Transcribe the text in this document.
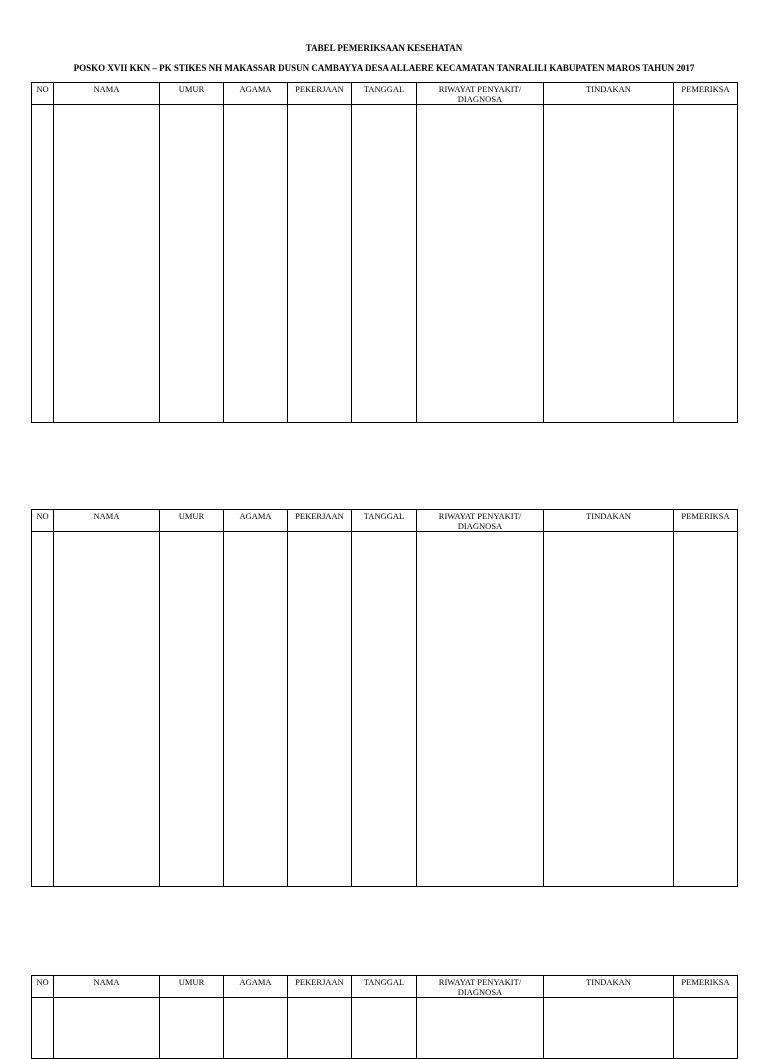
TABEL PEMERIKSAAN KESEHATAN
POSKO XVII KKN – PK STIKES NH MAKASSAR DUSUN CAMBAYYA DESA ALLAERE KECAMATAN TANRALILI KABUPATEN MAROS TAHUN 2017
NO	NAMA	UMUR	AGAMA	PEKERJAAN	TANGGAL	RIWAYAT PENYAKIT/
DIAGNOSA	TINDAKAN	PEMERIKSA

NO	NAMA	UMUR	AGAMA	PEKERJAAN	TANGGAL	RIWAYAT PENYAKIT/
DIAGNOSA	TINDAKAN	PEMERIKSA

NO	NAMA	UMUR	AGAMA	PEKERJAAN	TANGGAL	RIWAYAT PENYAKIT/
DIAGNOSA	TINDAKAN	PEMERIKSA
